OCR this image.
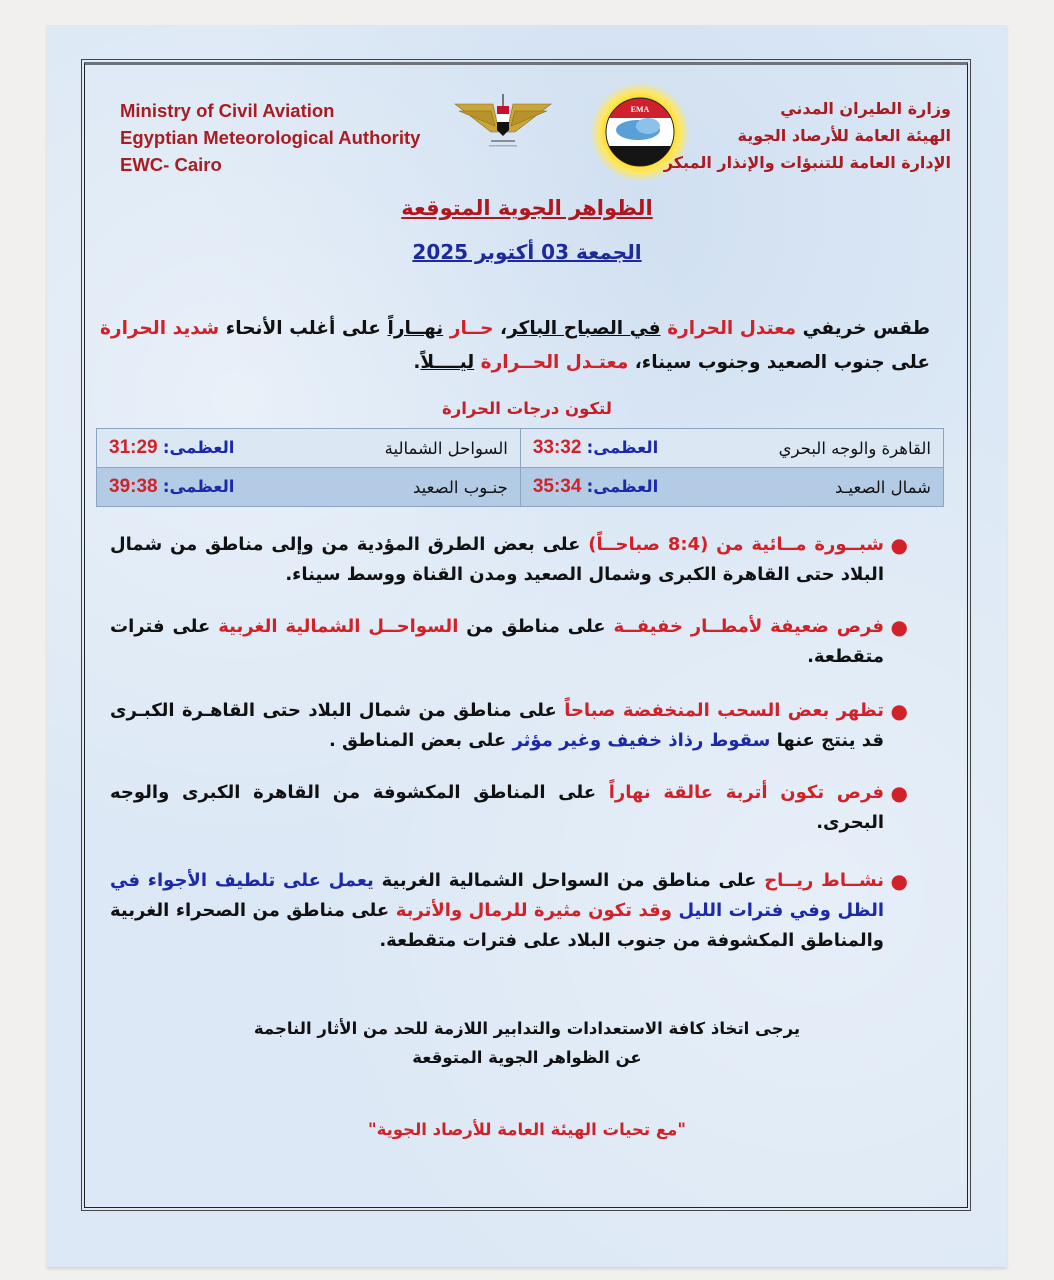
Ministry of Civil Aviation
Egyptian Meteorological Authority
EWC- Cairo
EMA	وزارة الطيران المدني
الهيئة العامة للأرصاد الجوية
الإدارة العامة للتنبؤات والإنذار المبكر
الظواهر الجوية المتوقعة
الجمعة 03 أكتوبر 2025
طقس خريفي معتدل الحرارة في الصباح الباكر، حــار نهــاراً على أغلب الأنحاء شديد الحرارة على جنوب الصعيد وجنوب سيناء، معتـدل الحــرارة ليــــلاً.
لتكون درجات الحرارة
القاهرة والوجه البحري	العظمى: 33:32	السواحل الشمالية	العظمى: 31:29
شمال الصعيـد	العظمى: 35:34	جنـوب الصعيد	العظمى: 39:38
●
شبــورة مــائية من (8:4 صباحــاً) على بعض الطرق المؤدية من وإلى مناطق من شمال البلاد حتى القاهرة الكبرى وشمال الصعيد ومدن القناة ووسط سيناء.
●
فرص ضعيفة لأمطــار خفيفــة على مناطق من السواحــل الشمالية الغربية على فترات متقطعة.
●
تظهر بعض السحب المنخفضة صباحاً على مناطق من شمال البلاد حتى القاهـرة الكبـرى قد ينتج عنها سقوط رذاذ خفيف وغير مؤثر على بعض المناطق .
●
فرص تكون أتربة عالقة نهاراً على المناطق المكشوفة من القاهرة الكبرى والوجه البحرى.
●
نشــاط ريــاح على مناطق من السواحل الشمالية الغربية يعمل على تلطيف الأجواء في الظل وفي فترات الليل وقد تكون مثيرة للرمال والأتربة على مناطق من الصحراء الغربية والمناطق المكشوفة من جنوب البلاد على فترات متقطعة.
يرجى اتخاذ كافة الاستعدادات والتدابير اللازمة للحد من الأثار الناجمة
عن الظواهر الجوية المتوقعة
"مع تحيات الهيئة العامة للأرصاد الجوية"
